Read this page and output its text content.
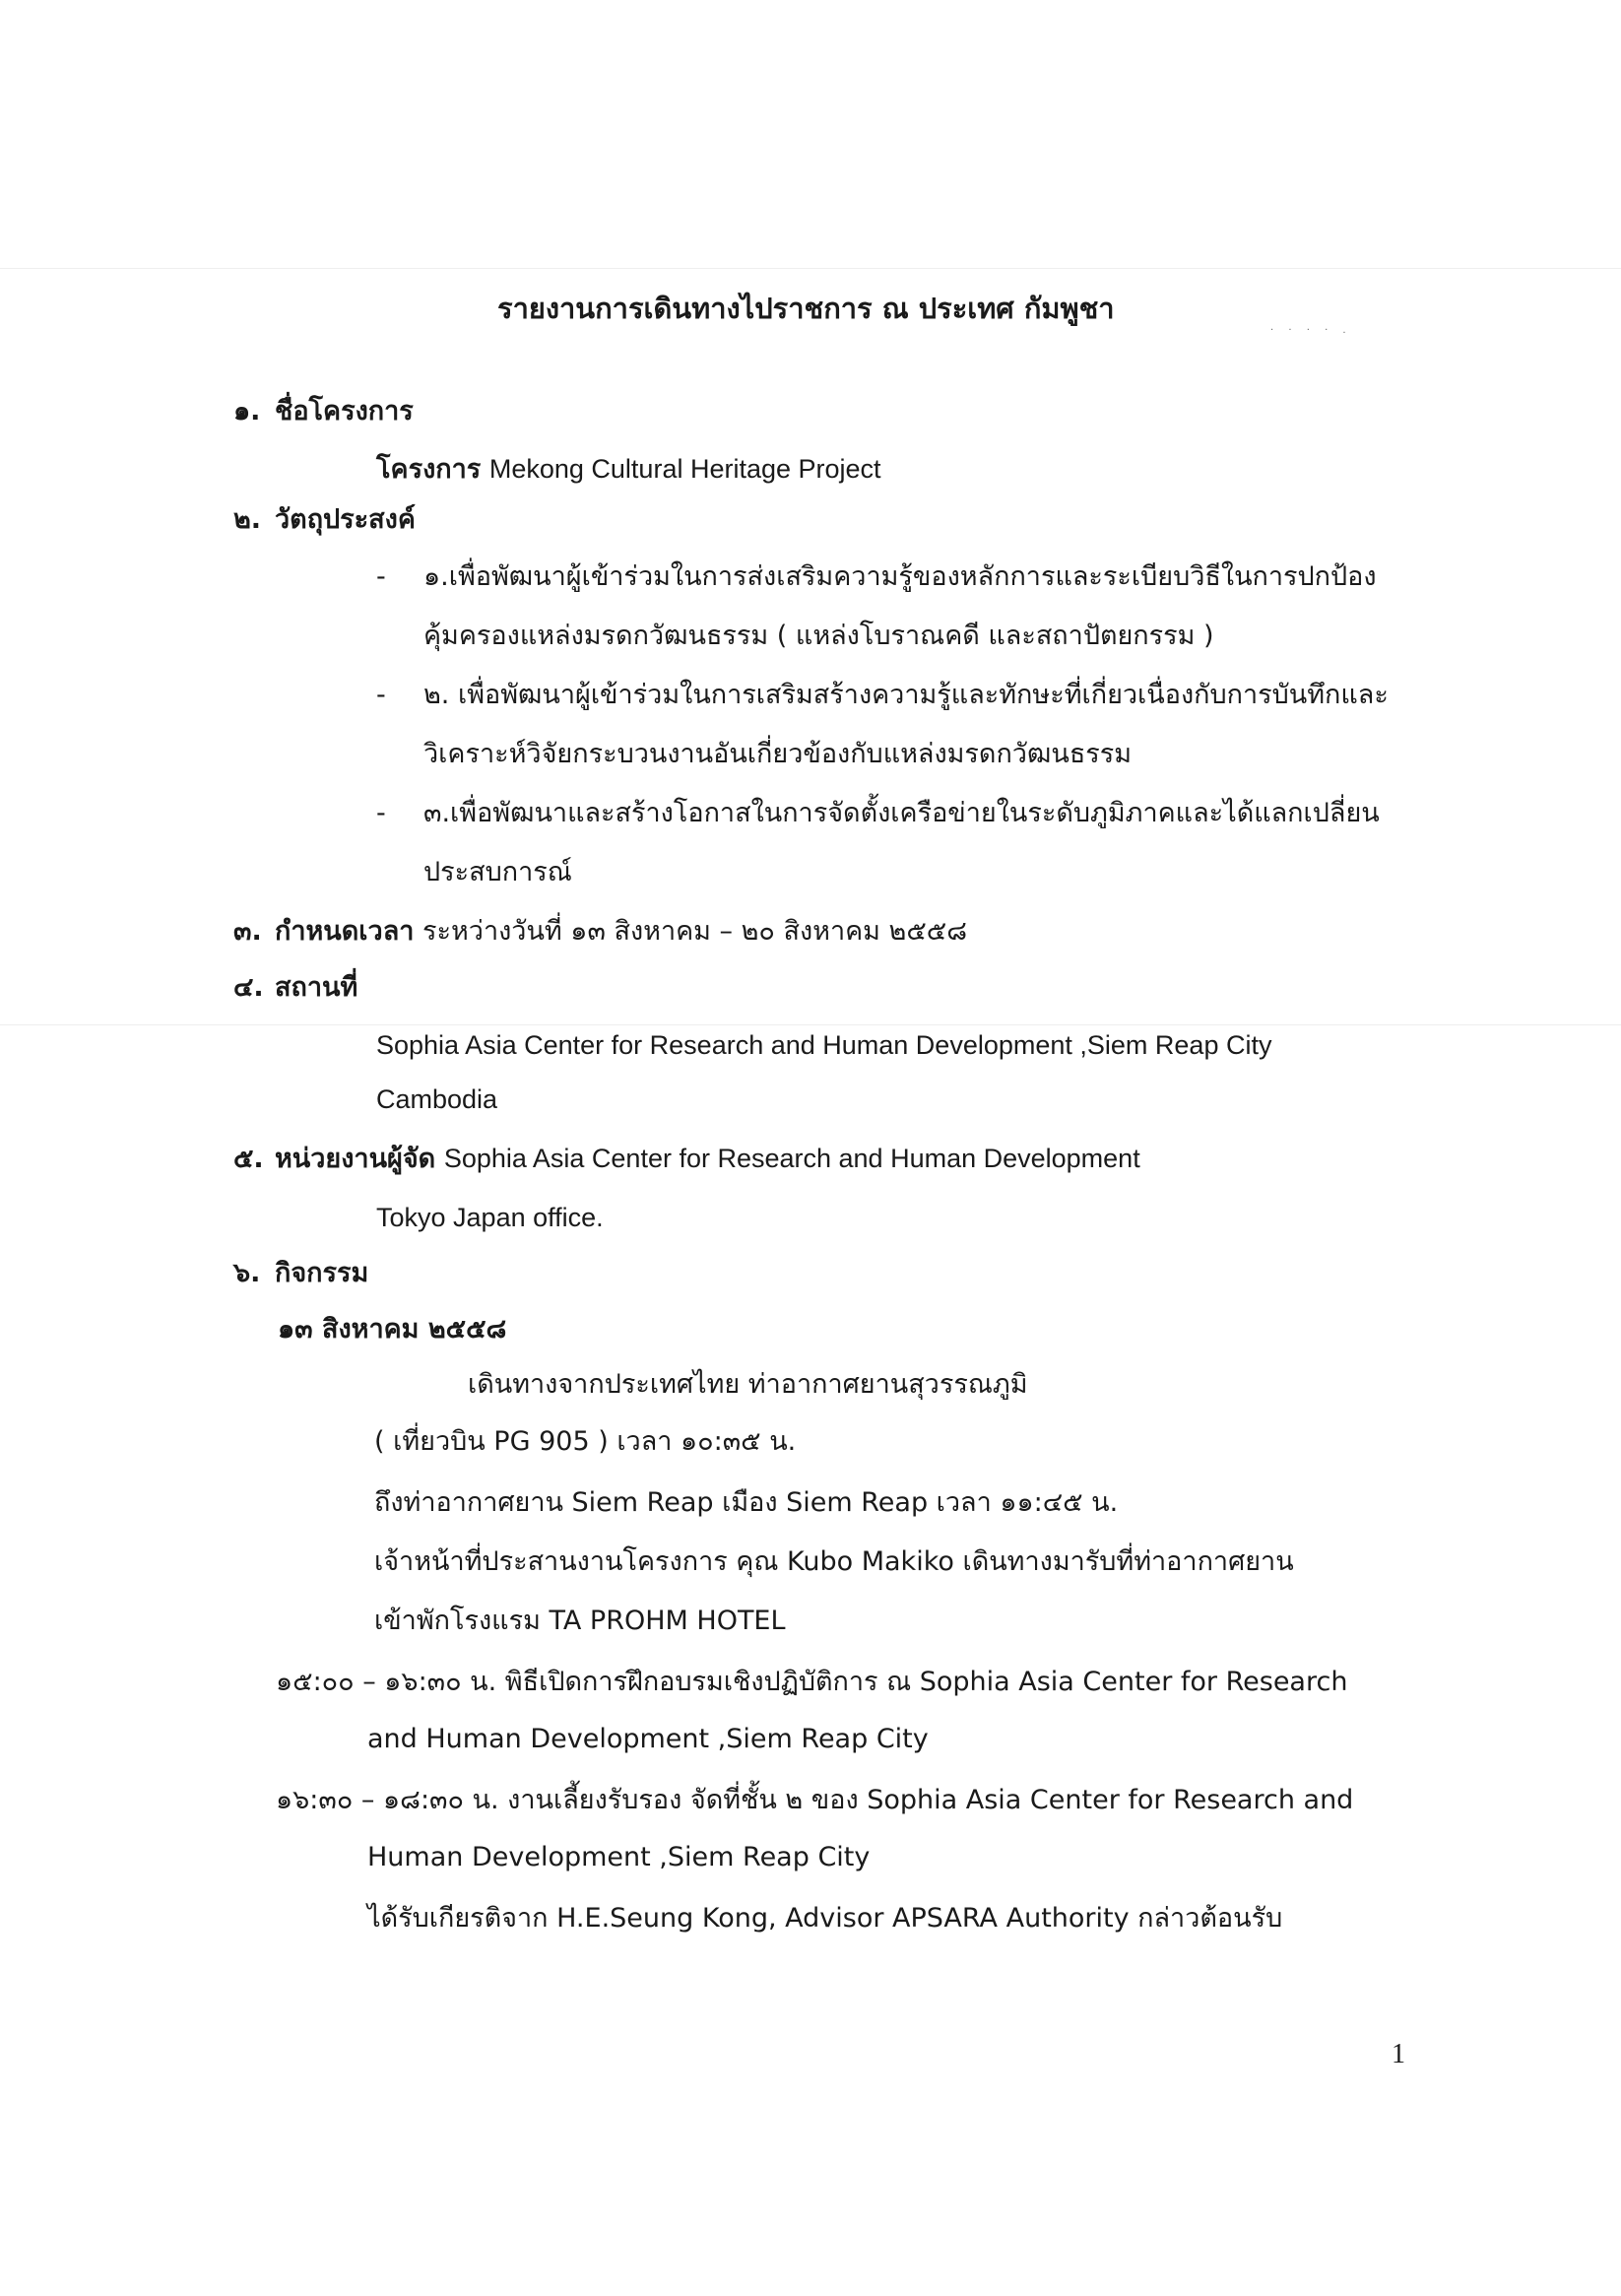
· · · · .
รายงานการเดินทางไปราชการ ณ ประเทศ กัมพูชา
๑. ชื่อโครงการ
โครงการ Mekong Cultural Heritage Project
๒. วัตถุประสงค์
- ๑.เพื่อพัฒนาผู้เข้าร่วมในการส่งเสริมความรู้ของหลักการและระเบียบวิธีในการปกป้อง
คุ้มครองแหล่งมรดกวัฒนธรรม ( แหล่งโบราณคดี และสถาปัตยกรรม )
- ๒. เพื่อพัฒนาผู้เข้าร่วมในการเสริมสร้างความรู้และทักษะที่เกี่ยวเนื่องกับการบันทึกและ
วิเคราะห์วิจัยกระบวนงานอันเกี่ยวข้องกับแหล่งมรดกวัฒนธรรม
- ๓.เพื่อพัฒนาและสร้างโอกาสในการจัดตั้งเครือข่ายในระดับภูมิภาคและได้แลกเปลี่ยน
ประสบการณ์
๓. กำหนดเวลา ระหว่างวันที่ ๑๓ สิงหาคม – ๒๐ สิงหาคม ๒๕๕๘
๔. สถานที่
Sophia Asia Center for Research and Human Development ,Siem Reap City
Cambodia
๕. หน่วยงานผู้จัด Sophia Asia Center for Research and Human Development
Tokyo Japan office.
๖. กิจกรรม
๑๓ สิงหาคม ๒๕๕๘
เดินทางจากประเทศไทย ท่าอากาศยานสุวรรณภูมิ
( เที่ยวบิน PG 905 ) เวลา ๑๐:๓๕ น.
ถึงท่าอากาศยาน Siem Reap เมือง Siem Reap เวลา ๑๑:๔๕ น.
เจ้าหน้าที่ประสานงานโครงการ คุณ Kubo Makiko เดินทางมารับที่ท่าอากาศยาน
เข้าพักโรงแรม TA PROHM HOTEL
๑๕:๐๐ – ๑๖:๓๐ น. พิธีเปิดการฝึกอบรมเชิงปฏิบัติการ ณ Sophia Asia Center for Research
and Human Development ,Siem Reap City
๑๖:๓๐ – ๑๘:๓๐ น. งานเลี้ยงรับรอง จัดที่ชั้น ๒ ของ Sophia Asia Center for Research and
Human Development ,Siem Reap City
ได้รับเกียรติจาก H.E.Seung Kong, Advisor APSARA Authority กล่าวต้อนรับ
1
